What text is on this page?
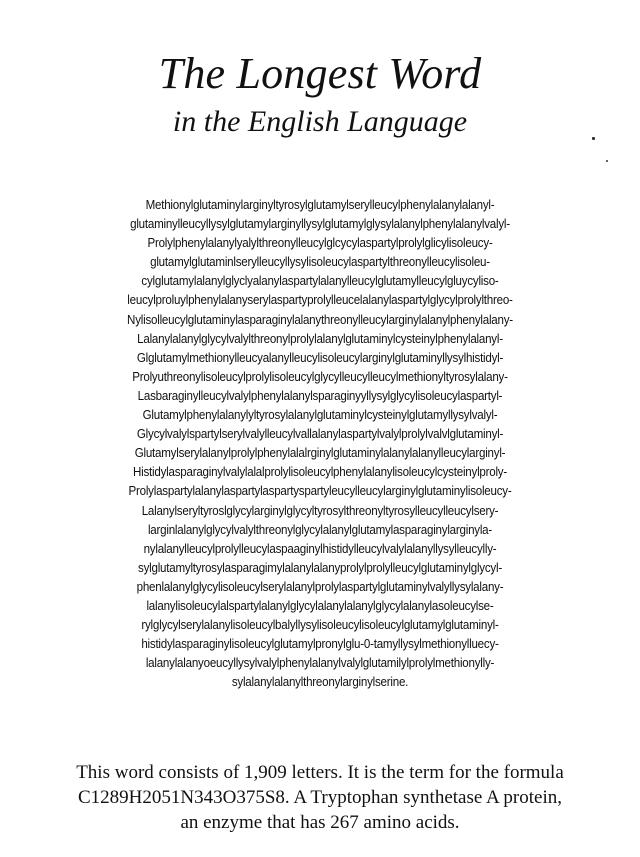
The Longest Word
in the English Language
Methionylglutaminylarginyltyrosylglutamylserylleucylphenylalanylalanyl-
glutaminylleucyllysylglutamylarginyllysylglutamylglysylalanylphenylalanylvalyl-
Prolylphenylalanylyalylthreonylleucylglcycylaspartylprolylglicylisoleucy-
glutamylglutaminlserylleucyllysylisoleucylaspartylthreonylleucylisoleu-
cylglutamylalanylglyclyalanylaspartylalanylleucylglutamylleucylgluycyliso-
leucylproluylphenylalanyserylaspartyprolylleucelalanylaspartylglycylprolylthreo-
Nylisolleucylglutaminylasparaginylalanythreonylleucylarginylalanylphenylalany-
Lalanylalanylglycylvalylthreonylprolylalanylglutaminylcysteinylphenylalanyl-
Glglutamylmethionylleucyalanylleucylisoleucylarginylglutaminyllysylhistidyl-
Prolyuthreonylisoleucylprolylisoleucylglycylleucylleucylmethionyltyrosylalany-
Lasbaraginylleucylvalylphenylalanylsparaginyyllysylglycylisoleucylaspartyl-
Glutamylphenylalanylyltyrosylalanylglutaminylcysteinylglutamyllysylvalyl-
Glycylvalylspartylserylvalylleucylvallalanylaspartylvalylprolylvalvlglutaminyl-
Glutamylserylalanylprolylphenylalalrginylglutaminylalanylalanylleucylarginyl-
Histidylasparaginylvalylalalprolylisoleucylphenylalanylisoleucylcysteinylproly-
Prolylaspartylalanylaspartylaspartyspartyleucylleucylarginylglutaminylisoleucy-
Lalanylseryltyroslglycylarginylglycyltyrosylthreonyltyrosylleucylleucylsery-
larginlalanylglycylvalylthreonylglycylalanylglutamylasparaginylarginyla-
nylalanylleucylprolylleucylaspaaginylhistidylleucylvalylalanyllysylleucylly-
sylglutamyltyrosylasparagimylalanylalanyprolylprolylleucylglutaminylglycyl-
phenlalanylglycylisoleucylserylalanylprolylaspartylglutaminylvalyllysylalany-
lalanylisoleucylalspartylalanylglycylalanylalanylglycylalanylasoleucylse-
rylglycylserylalanylisoleucylbalyllysylisoleucylisoleucylglutamylglutaminyl-
histidylasparaginylisoleucylglutamylpronylglu-0-tamyllysylmethionylluecy-
lalanylalanyoeucyllysylvalylphenylalanylvalylglutamilylprolylmethionylly-
sylalanylalanylthreonylarginylserine.
This word consists of 1,909 letters. It is the term for the formula
C1289H2051N343O375S8. A Tryptophan synthetase A protein,
an enzyme that has 267 amino acids.
